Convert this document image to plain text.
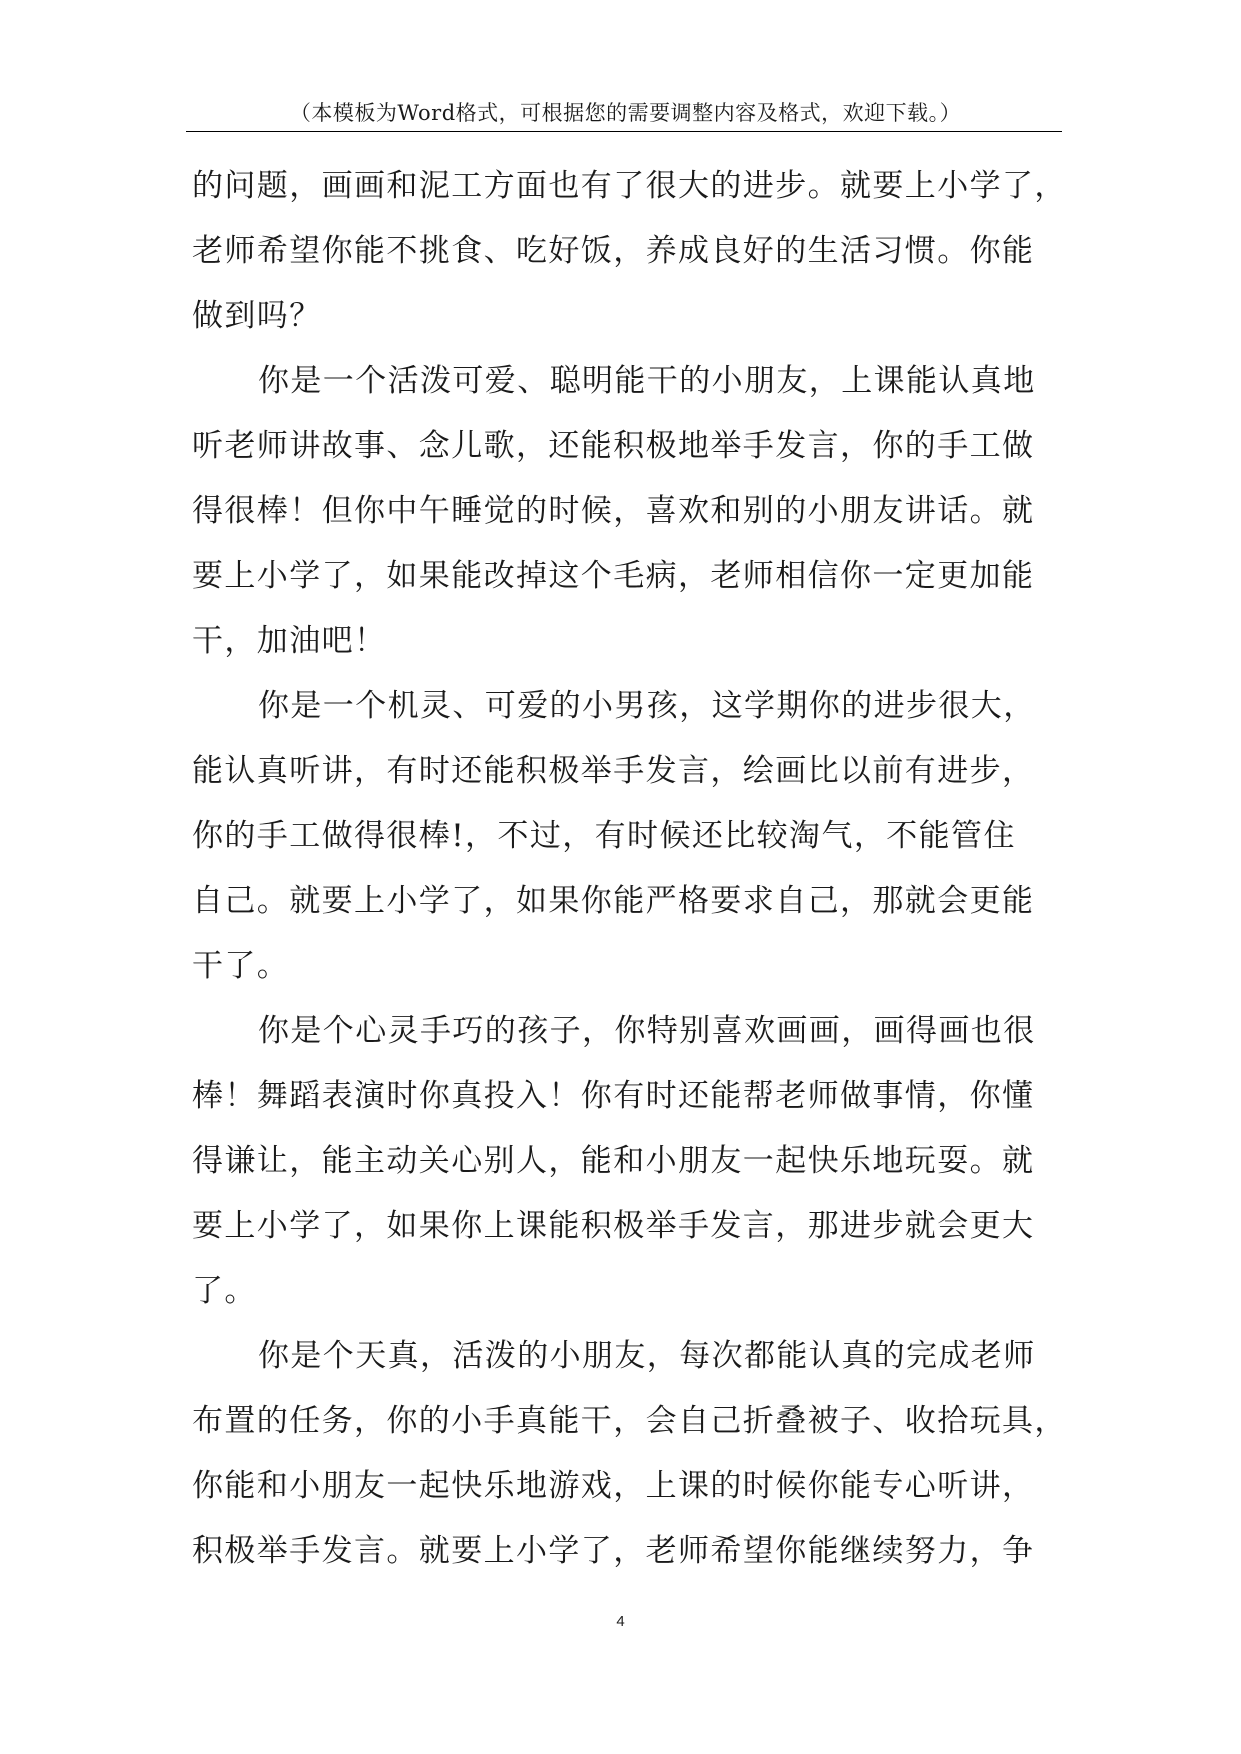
（本模板为Word格式，可根据您的需要调整内容及格式，欢迎下载。）
的问题，画画和泥工方面也有了很大的进步。就要上小学了，
老师希望你能不挑食、吃好饭，养成良好的生活习惯。你能
做到吗？
你是一个活泼可爱、聪明能干的小朋友，上课能认真地
听老师讲故事、念儿歌，还能积极地举手发言，你的手工做
得很棒！但你中午睡觉的时候，喜欢和别的小朋友讲话。就
要上小学了，如果能改掉这个毛病，老师相信你一定更加能
干，加油吧！
你是一个机灵、可爱的小男孩，这学期你的进步很大，
能认真听讲，有时还能积极举手发言，绘画比以前有进步，
你的手工做得很棒!，不过，有时候还比较淘气，不能管住
自己。就要上小学了，如果你能严格要求自己，那就会更能
干了。
你是个心灵手巧的孩子，你特别喜欢画画，画得画也很
棒！舞蹈表演时你真投入！你有时还能帮老师做事情，你懂
得谦让，能主动关心别人，能和小朋友一起快乐地玩耍。就
要上小学了，如果你上课能积极举手发言，那进步就会更大
了。
你是个天真，活泼的小朋友，每次都能认真的完成老师
布置的任务，你的小手真能干，会自己折叠被子、收拾玩具，
你能和小朋友一起快乐地游戏，上课的时候你能专心听讲，
积极举手发言。就要上小学了，老师希望你能继续努力，争
4
